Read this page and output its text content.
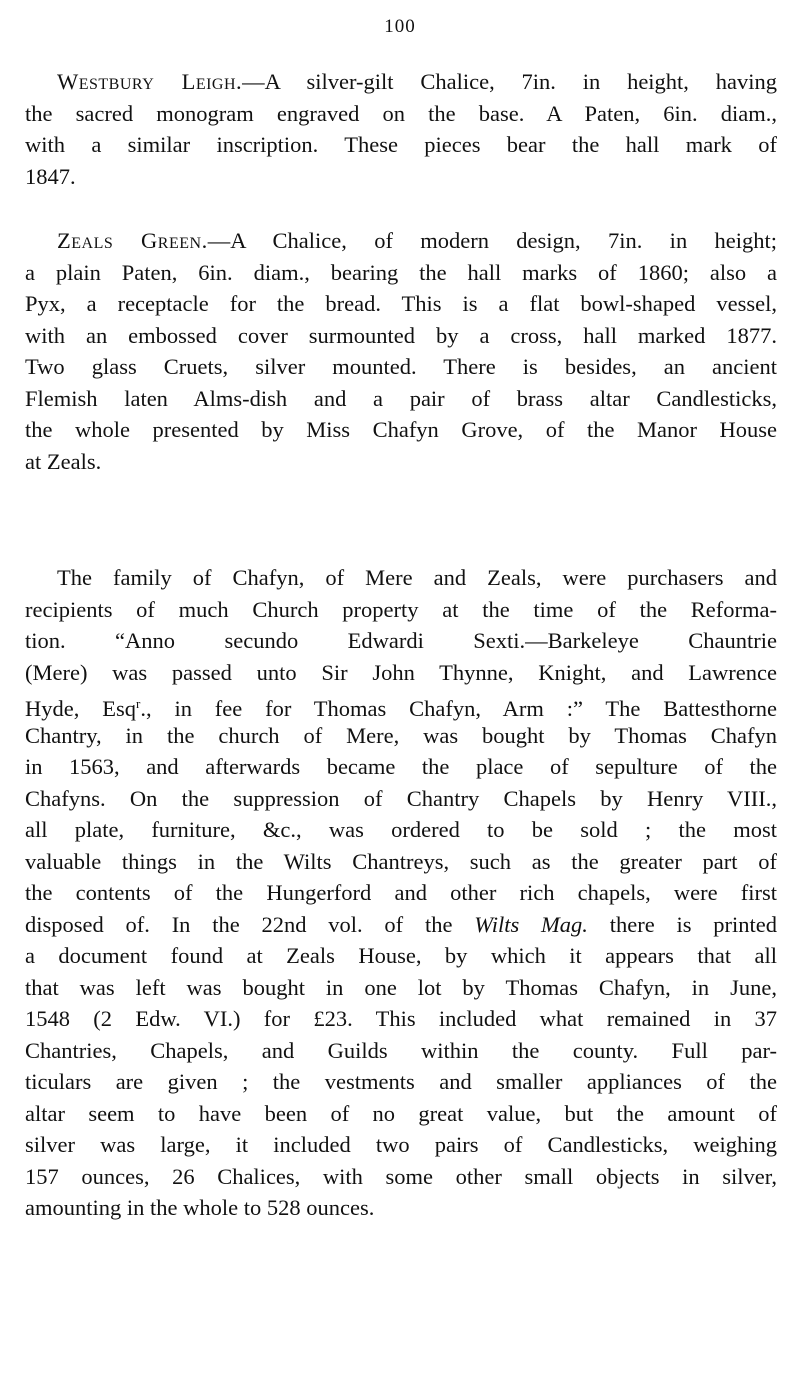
100
Westbury Leigh.—A silver-gilt Chalice, 7in. in height, having
the sacred monogram engraved on the base. A Paten, 6in. diam.,
with a similar inscription. These pieces bear the hall mark of
1847.
Zeals Green.—A Chalice, of modern design, 7in. in height;
a plain Paten, 6in. diam., bearing the hall marks of 1860; also a
Pyx, a receptacle for the bread. This is a flat bowl-shaped vessel,
with an embossed cover surmounted by a cross, hall marked 1877.
Two glass Cruets, silver mounted. There is besides, an ancient
Flemish laten Alms-dish and a pair of brass altar Candlesticks,
the whole presented by Miss Chafyn Grove, of the Manor House
at Zeals.
The family of Chafyn, of Mere and Zeals, were purchasers and
recipients of much Church property at the time of the Reforma-
tion. “Anno secundo Edwardi Sexti.—Barkeleye Chauntrie
(Mere) was passed unto Sir John Thynne, Knight, and Lawrence
Hyde, Esq$^r$., in fee for Thomas Chafyn, Arm :” The Battesthorne
Chantry, in the church of Mere, was bought by Thomas Chafyn
in 1563, and afterwards became the place of sepulture of the
Chafyns. On the suppression of Chantry Chapels by Henry VIII.,
all plate, furniture, &c., was ordered to be sold ; the most
valuable things in the Wilts Chantreys, such as the greater part of
the contents of the Hungerford and other rich chapels, were first
disposed of. In the 22nd vol. of the Wilts Mag. there is printed
a document found at Zeals House, by which it appears that all
that was left was bought in one lot by Thomas Chafyn, in June,
1548 (2 Edw. VI.) for £23. This included what remained in 37
Chantries, Chapels, and Guilds within the county. Full par-
ticulars are given ; the vestments and smaller appliances of the
altar seem to have been of no great value, but the amount of
silver was large, it included two pairs of Candlesticks, weighing
157 ounces, 26 Chalices, with some other small objects in silver,
amounting in the whole to 528 ounces.
